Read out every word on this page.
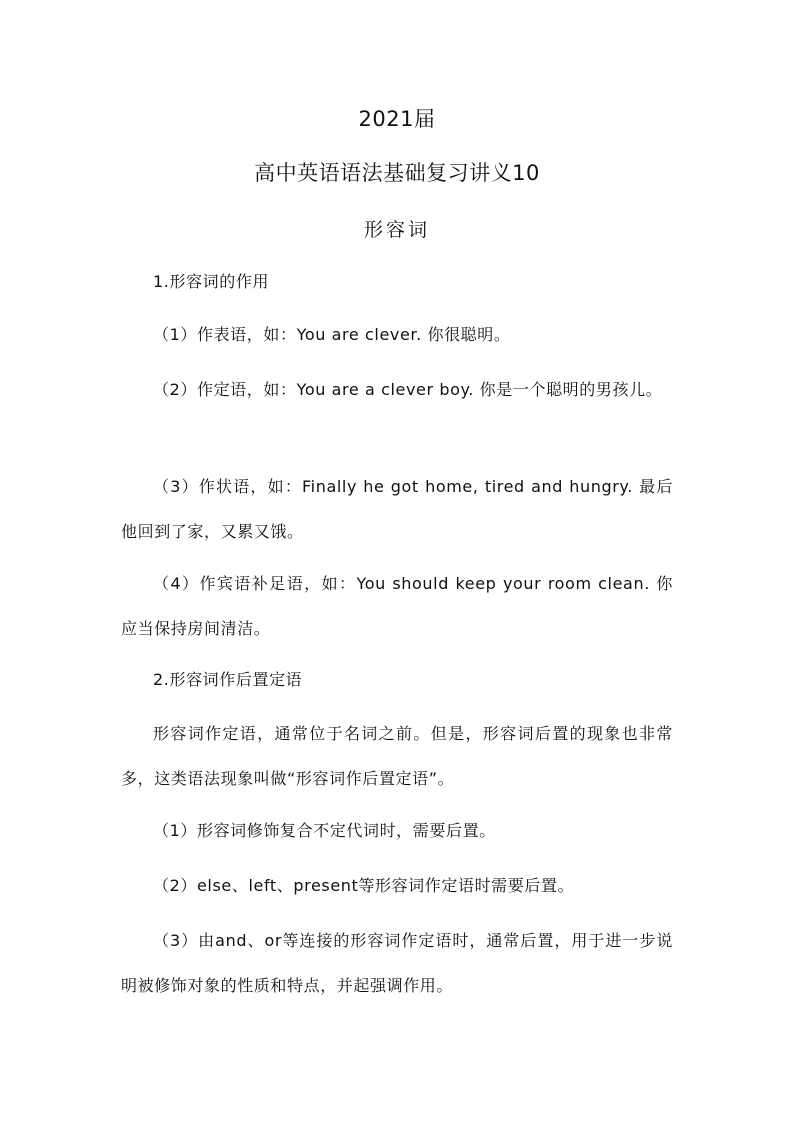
2021届
高中英语语法基础复习讲义10
形容词

1.形容词的作用

（1）作表语，如：You are clever. 你很聪明。

（2）作定语，如：You are a clever boy. 你是一个聪明的男孩儿。

（3）作状语，如：Finally he got home, tired and hungry. 最后他回到了家，又累又饿。

（4）作宾语补足语，如：You should keep your room clean. 你应当保持房间清洁。

2.形容词作后置定语

形容词作定语，通常位于名词之前。但是，形容词后置的现象也非常多，这类语法现象叫做“形容词作后置定语”。

（1）形容词修饰复合不定代词时，需要后置。

（2）else、left、present等形容词作定语时需要后置。

（3）由and、or等连接的形容词作定语时，通常后置，用于进一步说明被修饰对象的性质和特点，并起强调作用。
